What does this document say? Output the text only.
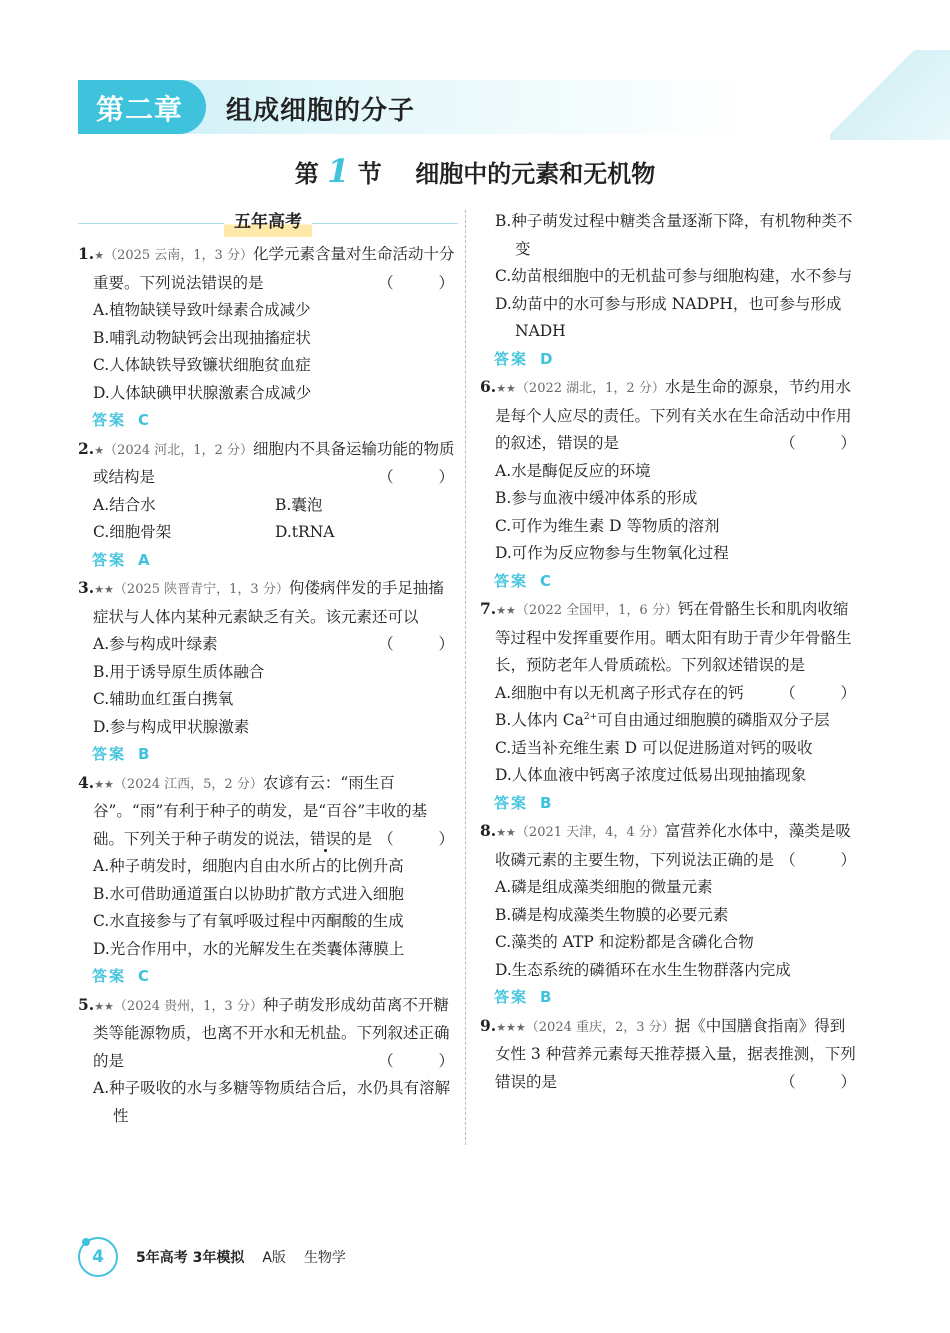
第二章 组成细胞的分子
第 1 节 细胞中的元素和无机物
五年高考
1.★（2025 云南，1，3 分）化学元素含量对生命活动十分重要。下列说法错误的是	（ ）
A.植物缺镁导致叶绿素合成减少
B.哺乳动物缺钙会出现抽搐症状
C.人体缺铁导致镰状细胞贫血症
D.人体缺碘甲状腺激素合成减少
答案 C
2.★（2024 河北，1，2 分）细胞内不具备运输功能的物质或结构是	（ ）
A.结合水	B.囊泡
C.细胞骨架	D.tRNA
答案 A
3.★★（2025 陕晋青宁，1，3 分）佝偻病伴发的手足抽搐症状与人体内某种元素缺乏有关。该元素还可以
（ ）
A.参与构成叶绿素
B.用于诱导原生质体融合
C.辅助血红蛋白携氧
D.参与构成甲状腺激素
答案 B
4.★★（2024 江西，5，2 分）农谚有云：“雨生百谷”。“雨”有利于种子的萌发，是“百谷”丰收的基础。下列关于种子萌发的说法，错误的是 （ ）
A.种子萌发时，细胞内自由水所占的比例升高
B.水可借助通道蛋白以协助扩散方式进入细胞
C.水直接参与了有氧呼吸过程中丙酮酸的生成
D.光合作用中，水的光解发生在类囊体薄膜上
答案 C
5.★★（2024 贵州，1，3 分）种子萌发形成幼苗离不开糖类等能源物质，也离不开水和无机盐。下列叙述正确的是	（ ）
A.种子吸收的水与多糖等物质结合后，水仍具有溶解性
B.种子萌发过程中糖类含量逐渐下降，有机物种类不变
C.幼苗根细胞中的无机盐可参与细胞构建，水不参与
D.幼苗中的水可参与形成 NADPH，也可参与形成 NADH
答案 D
6.★★（2022 湖北，1，2 分）水是生命的源泉，节约用水是每个人应尽的责任。下列有关水在生命活动中作用的叙述，错误的是	（ ）
A.水是酶促反应的环境
B.参与血液中缓冲体系的形成
C.可作为维生素 D 等物质的溶剂
D.可作为反应物参与生物氧化过程
答案 C
7.★★（2022 全国甲，1，6 分）钙在骨骼生长和肌肉收缩等过程中发挥重要作用。晒太阳有助于青少年骨骼生长，预防老年人骨质疏松。下列叙述错误的是
（ ）
A.细胞中有以无机离子形式存在的钙
B.人体内 $Ca^{2+}$可自由通过细胞膜的磷脂双分子层
C.适当补充维生素 D 可以促进肠道对钙的吸收
D.人体血液中钙离子浓度过低易出现抽搐现象
答案 B
8.★★（2021 天津，4，4 分）富营养化水体中，藻类是吸收磷元素的主要生物，下列说法正确的是 （ ）
A.磷是组成藻类细胞的微量元素
B.磷是构成藻类生物膜的必要元素
C.藻类的 ATP 和淀粉都是含磷化合物
D.生态系统的磷循环在水生生物群落内完成
答案 B
9.★★★（2024 重庆，2，3 分）据《中国膳食指南》得到女性 3 种营养元素每天推荐摄入量，据表推测，下列错误的是	（ ）
4 5年高考 3年模拟 A版 生物学
